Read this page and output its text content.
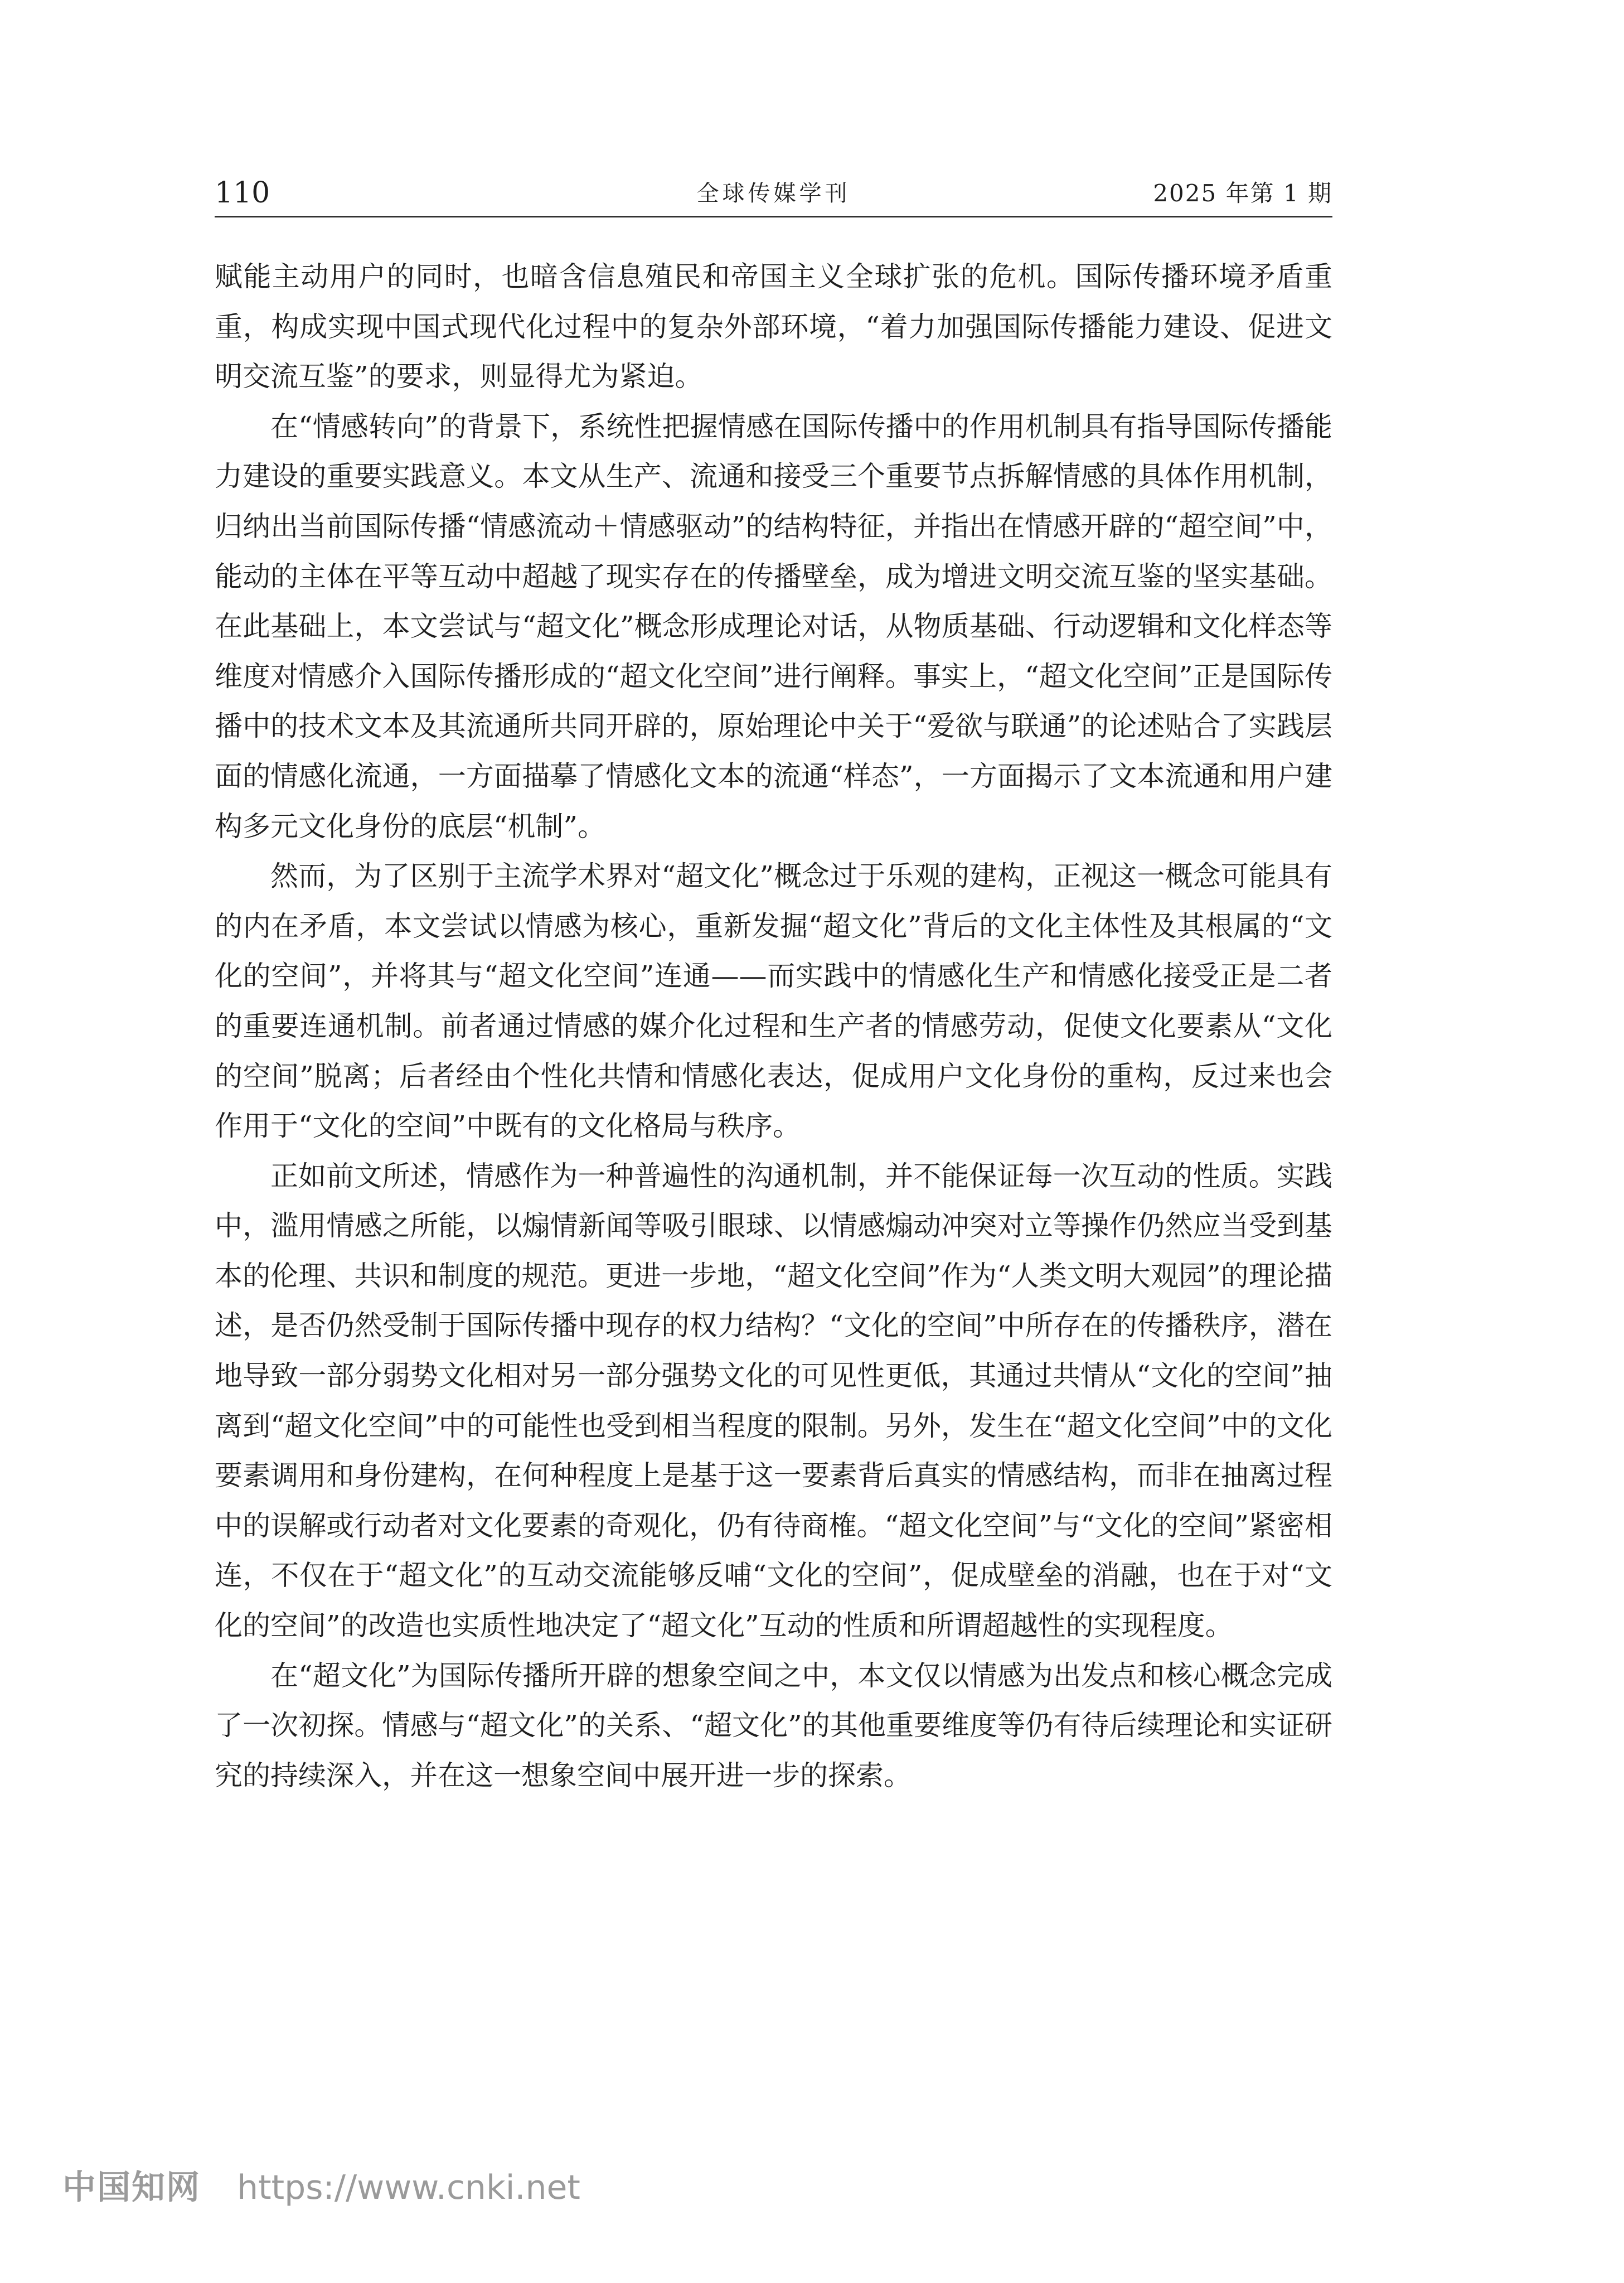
110	全球传媒学刊	2025 年第 1 期

赋能主动用户的同时，也暗含信息殖民和帝国主义全球扩张的危机。国际传播环境矛盾重重，构成实现中国式现代化过程中的复杂外部环境，“着力加强国际传播能力建设、促进文明交流互鉴”的要求，则显得尤为紧迫。

在“情感转向”的背景下，系统性把握情感在国际传播中的作用机制具有指导国际传播能力建设的重要实践意义。本文从生产、流通和接受三个重要节点拆解情感的具体作用机制，归纳出当前国际传播“情感流动＋情感驱动”的结构特征，并指出在情感开辟的“超空间”中，能动的主体在平等互动中超越了现实存在的传播壁垒，成为增进文明交流互鉴的坚实基础。在此基础上，本文尝试与“超文化”概念形成理论对话，从物质基础、行动逻辑和文化样态等维度对情感介入国际传播形成的“超文化空间”进行阐释。事实上，“超文化空间”正是国际传播中的技术文本及其流通所共同开辟的，原始理论中关于“爱欲与联通”的论述贴合了实践层面的情感化流通，一方面描摹了情感化文本的流通“样态”，一方面揭示了文本流通和用户建构多元文化身份的底层“机制”。

然而，为了区别于主流学术界对“超文化”概念过于乐观的建构，正视这一概念可能具有的内在矛盾，本文尝试以情感为核心，重新发掘“超文化”背后的文化主体性及其根属的“文化的空间”，并将其与“超文化空间”连通——而实践中的情感化生产和情感化接受正是二者的重要连通机制。前者通过情感的媒介化过程和生产者的情感劳动，促使文化要素从“文化的空间”脱离；后者经由个性化共情和情感化表达，促成用户文化身份的重构，反过来也会作用于“文化的空间”中既有的文化格局与秩序。

正如前文所述，情感作为一种普遍性的沟通机制，并不能保证每一次互动的性质。实践中，滥用情感之所能，以煽情新闻等吸引眼球、以情感煽动冲突对立等操作仍然应当受到基本的伦理、共识和制度的规范。更进一步地，“超文化空间”作为“人类文明大观园”的理论描述，是否仍然受制于国际传播中现存的权力结构？“文化的空间”中所存在的传播秩序，潜在地导致一部分弱势文化相对另一部分强势文化的可见性更低，其通过共情从“文化的空间”抽离到“超文化空间”中的可能性也受到相当程度的限制。另外，发生在“超文化空间”中的文化要素调用和身份建构，在何种程度上是基于这一要素背后真实的情感结构，而非在抽离过程中的误解或行动者对文化要素的奇观化，仍有待商榷。“超文化空间”与“文化的空间”紧密相连，不仅在于“超文化”的互动交流能够反哺“文化的空间”，促成壁垒的消融，也在于对“文化的空间”的改造也实质性地决定了“超文化”互动的性质和所谓超越性的实现程度。

在“超文化”为国际传播所开辟的想象空间之中，本文仅以情感为出发点和核心概念完成了一次初探。情感与“超文化”的关系、“超文化”的其他重要维度等仍有待后续理论和实证研究的持续深入，并在这一想象空间中展开进一步的探索。

中国知网 https://www.cnki.net
